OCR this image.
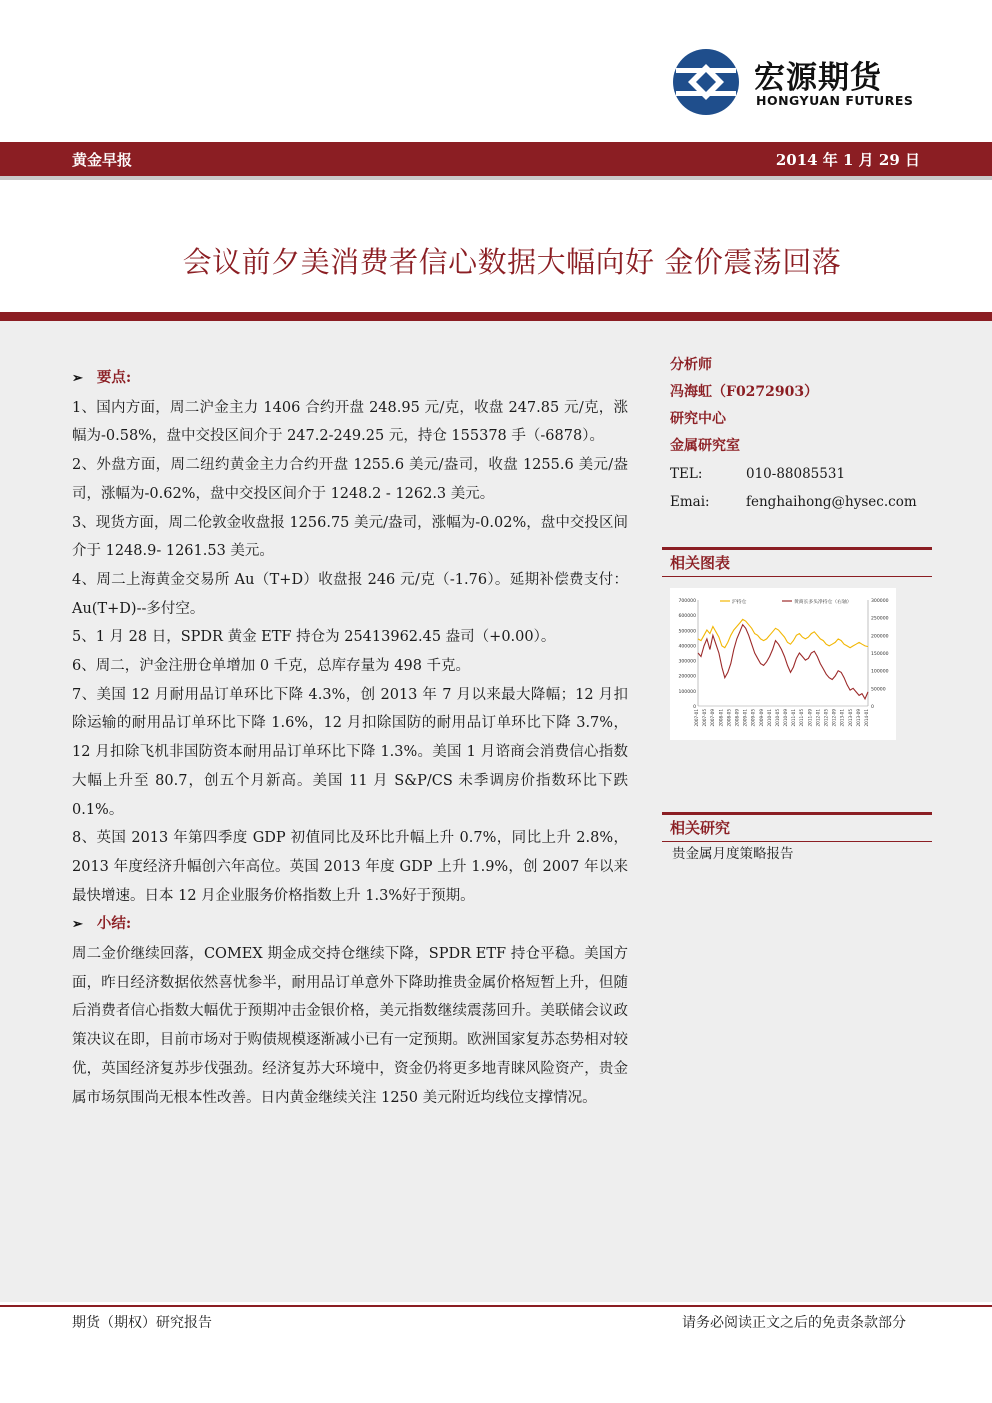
宏源期货
HONGYUAN FUTURES
黄金早报	2014 年 1 月 29 日
会议前夕美消费者信心数据大幅向好 金价震荡回落
➢ 要点:

1、国内方面，周二沪金主力 1406 合约开盘 248.95 元/克，收盘 247.85 元/克，涨幅为-0.58%，盘中交投区间介于 247.2-249.25 元，持仓 155378 手（-6878）。

2、外盘方面，周二纽约黄金主力合约开盘 1255.6 美元/盎司，收盘 1255.6 美元/盎司，涨幅为-0.62%，盘中交投区间介于 1248.2 - 1262.3 美元。

3、现货方面，周二伦敦金收盘报 1256.75 美元/盎司，涨幅为-0.02%，盘中交投区间介于 1248.9- 1261.53 美元。

4、周二上海黄金交易所 Au（T+D）收盘报 246 元/克（-1.76）。延期补偿费支付：Au(T+D)--多付空。

5、1 月 28 日，SPDR 黄金 ETF 持仓为 25413962.45 盎司（+0.00）。

6、周二，沪金注册仓单增加 0 千克，总库存量为 498 千克。

7、美国 12 月耐用品订单环比下降 4.3%，创 2013 年 7 月以来最大降幅；12 月扣除运输的耐用品订单环比下降 1.6%，12 月扣除国防的耐用品订单环比下降 3.7%，12 月扣除飞机非国防资本耐用品订单环比下降 1.3%。美国 1 月谘商会消费信心指数大幅上升至 80.7，创五个月新高。美国 11 月 S&P/CS 未季调房价指数环比下跌 0.1%。

8、英国 2013 年第四季度 GDP 初值同比及环比升幅上升 0.7%，同比上升 2.8%，2013 年度经济升幅创六年高位。英国 2013 年度 GDP 上升 1.9%，创 2007 年以来最快增速。日本 12 月企业服务价格指数上升 1.3%好于预期。

➢ 小结:

周二金价继续回落，COMEX 期金成交持仓继续下降，SPDR ETF 持仓平稳。美国方面，昨日经济数据依然喜忧参半，耐用品订单意外下降助推贵金属价格短暂上升，但随后消费者信心指数大幅优于预期冲击金银价格，美元指数继续震荡回升。美联储会议政策决议在即，目前市场对于购债规模逐渐减小已有一定预期。欧洲国家复苏态势相对较优，英国经济复苏步伐强劲。经济复苏大环境中，资金仍将更多地青睐风险资产，贵金属市场氛围尚无根本性改善。日内黄金继续关注 1250 美元附近均线位支撑情况。

分析师
冯海虹（F0272903）
研究中心
金属研究室
TEL:	010-88085531
Emai:	fenghaihong@hysec.com
相关图表
700000
600000
500000
400000
300000
200000
100000
0
300000
250000
200000
150000
100000
50000
0
2007-01 2007-05 2007-09 2008-01 2008-05 2008-09 2009-01 2009-05 2009-09 2010-01 2010-05 2010-09 2011-01 2011-05 2011-09 2012-01 2012-05 2012-09 2013-01 2013-05 2013-09 2014-01
沪持仓	黄商长多头净持仓（右轴）
相关研究
贵金属月度策略报告
期货（期权）研究报告	请务必阅读正文之后的免责条款部分
